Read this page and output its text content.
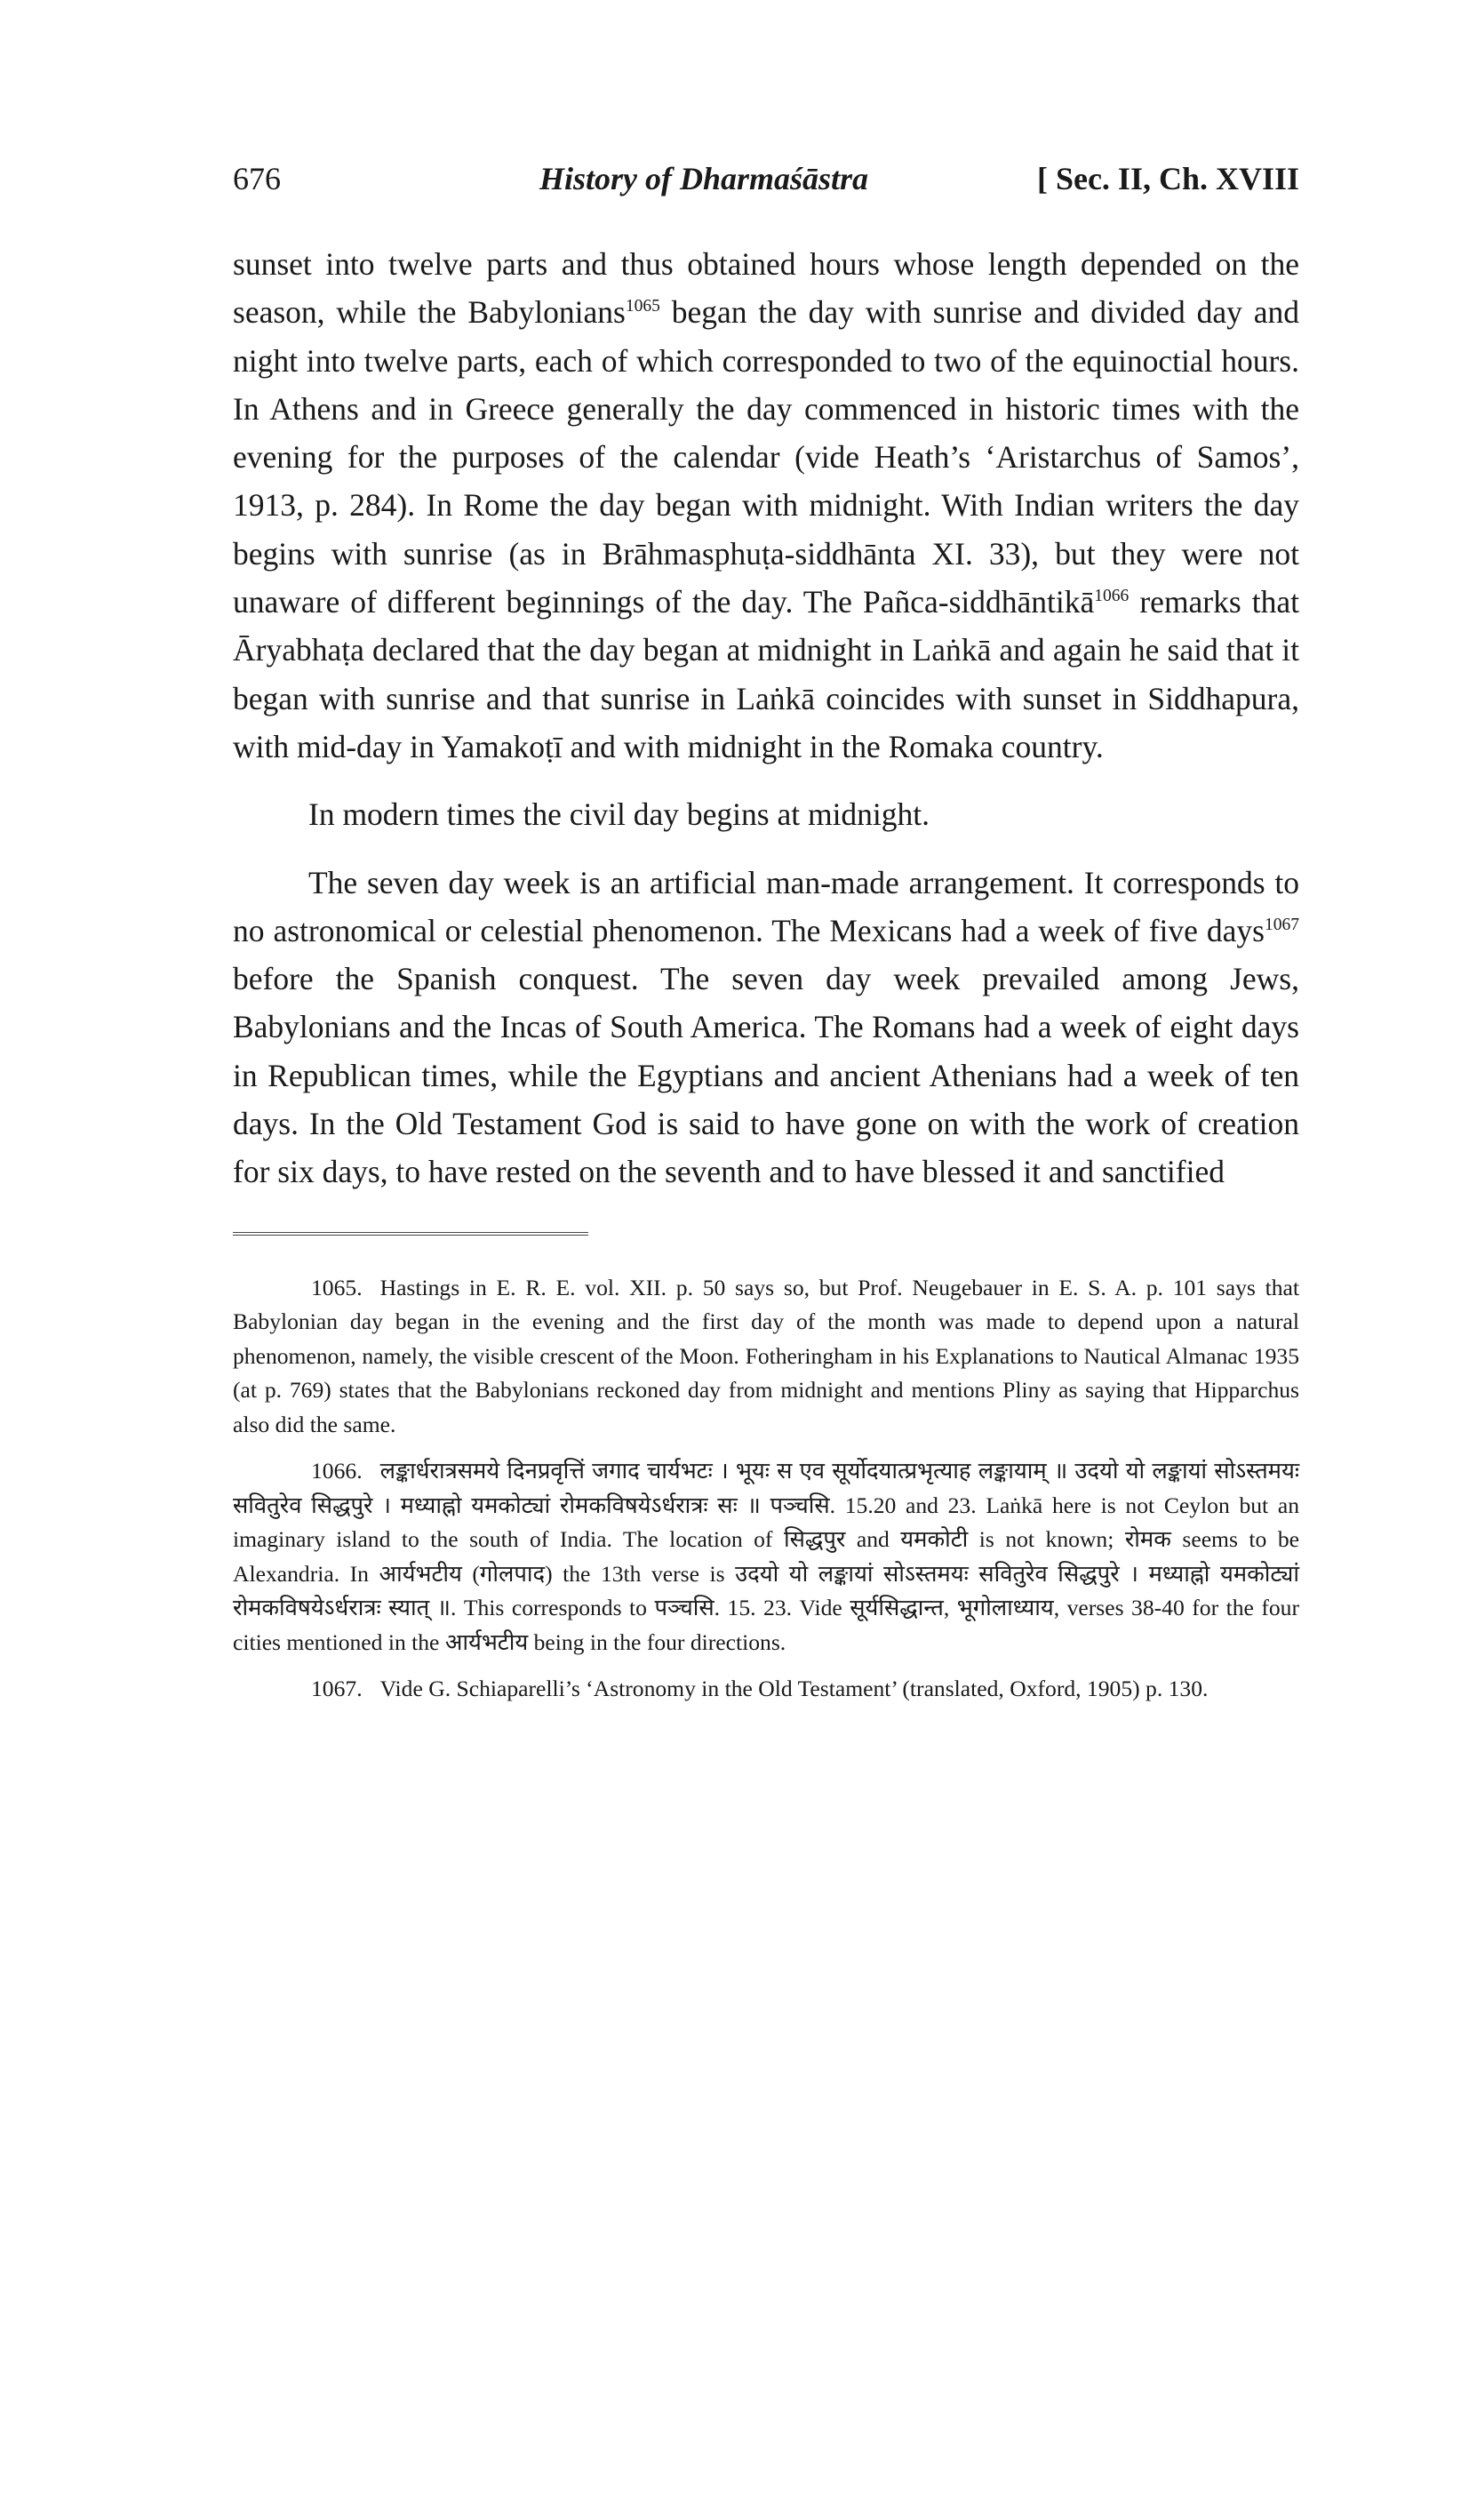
676	History of Dharmaśāstra	[ Sec. II, Ch. XVIII

sunset into twelve parts and thus obtained hours whose length depended on the season, while the Babylonians$^{1065}$ began the day with sunrise and divided day and night into twelve parts, each of which corresponded to two of the equinoctial hours. In Athens and in Greece generally the day commenced in historic times with the evening for the purposes of the calendar (vide Heath’s ‘Aristarchus of Samos’, 1913, p. 284). In Rome the day began with midnight. With Indian writers the day begins with sunrise (as in Brāhmasphuṭa-siddhānta XI. 33), but they were not unaware of different beginnings of the day. The Pañca-siddhāntikā$^{1066}$ remarks that Āryabhaṭa declared that the day began at midnight in Laṅkā and again he said that it began with sunrise and that sunrise in Laṅkā coincides with sunset in Siddhapura, with mid-day in Yamakoṭī and with midnight in the Romaka country.

In modern times the civil day begins at midnight.

The seven day week is an artificial man-made arrangement. It corresponds to no astronomical or celestial phenomenon. The Mexicans had a week of five days$^{1067}$ before the Spanish conquest. The seven day week prevailed among Jews, Babylonians and the Incas of South America. The Romans had a week of eight days in Republican times, while the Egyptians and ancient Athenians had a week of ten days. In the Old Testament God is said to have gone on with the work of creation for six days, to have rested on the seventh and to have blessed it and sanctified

1065. Hastings in E. R. E. vol. XII. p. 50 says so, but Prof. Neugebauer in E. S. A. p. 101 says that Babylonian day began in the evening and the first day of the month was made to depend upon a natural phenomenon, namely, the visible crescent of the Moon. Fotheringham in his Explanations to Nautical Almanac 1935 (at p. 769) states that the Babylonians reckoned day from midnight and mentions Pliny as saying that Hipparchus also did the same.

1066. लङ्कार्धरात्रसमये दिनप्रवृत्तिं जगाद चार्यभटः । भूयः स एव सूर्योदयात्प्रभृत्याह लङ्कायाम् ॥ उदयो यो लङ्कायां सोऽस्तमयः सवितुरेव सिद्धपुरे । मध्याह्नो यमकोट्यां रोमकविषयेऽर्धरात्रः सः ॥ पञ्चसि. 15.20 and 23. Laṅkā here is not Ceylon but an imaginary island to the south of India. The location of सिद्धपुर and यमकोटी is not known; रोमक seems to be Alexandria. In आर्यभटीय (गोलपाद) the 13th verse is उदयो यो लङ्कायां सोऽस्तमयः सवितुरेव सिद्धपुरे । मध्याह्नो यमकोट्यां रोमकविषयेऽर्धरात्रः स्यात् ॥. This corresponds to पञ्चसि. 15. 23. Vide सूर्यसिद्धान्त, भूगोलाध्याय, verses 38-40 for the four cities mentioned in the आर्यभटीय being in the four directions.

1067. Vide G. Schiaparelli’s ‘Astronomy in the Old Testament’ (translated, Oxford, 1905) p. 130.
